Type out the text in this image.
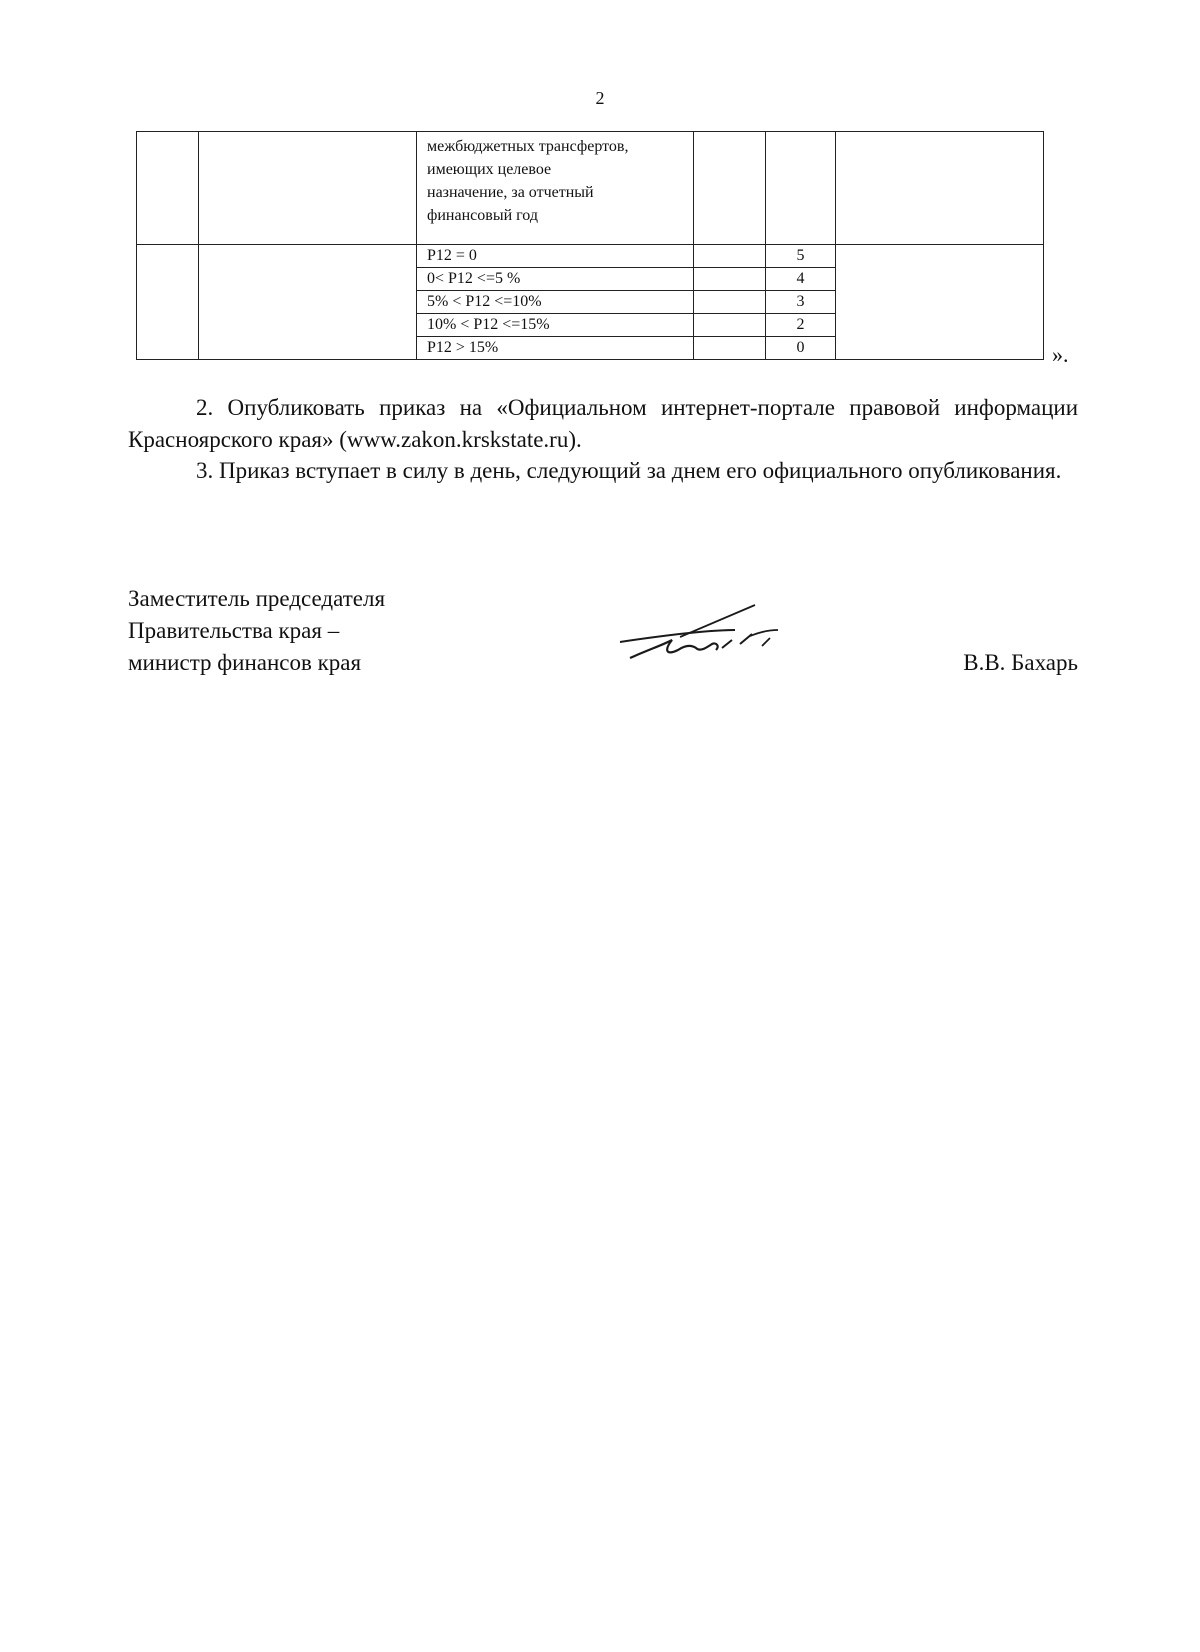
2
		межбюджетных трансфертов,
имеющих целевое
назначение, за отчетный
финансовый год			
		P12 = 0		5	
		0< P12 <=5 %		4	
		5% < P12 <=10%		3	
		10% < P12 <=15%		2	
		P12 > 15%		0		».
2. Опубликовать приказ на «Официальном интернет-портале правовой информации Красноярского края» (www.zakon.krskstate.ru).
3. Приказ вступает в силу в день, следующий за днем его официального опубликования.
Заместитель председателя
Правительства края –
министр финансов края	В.В. Бахарь
